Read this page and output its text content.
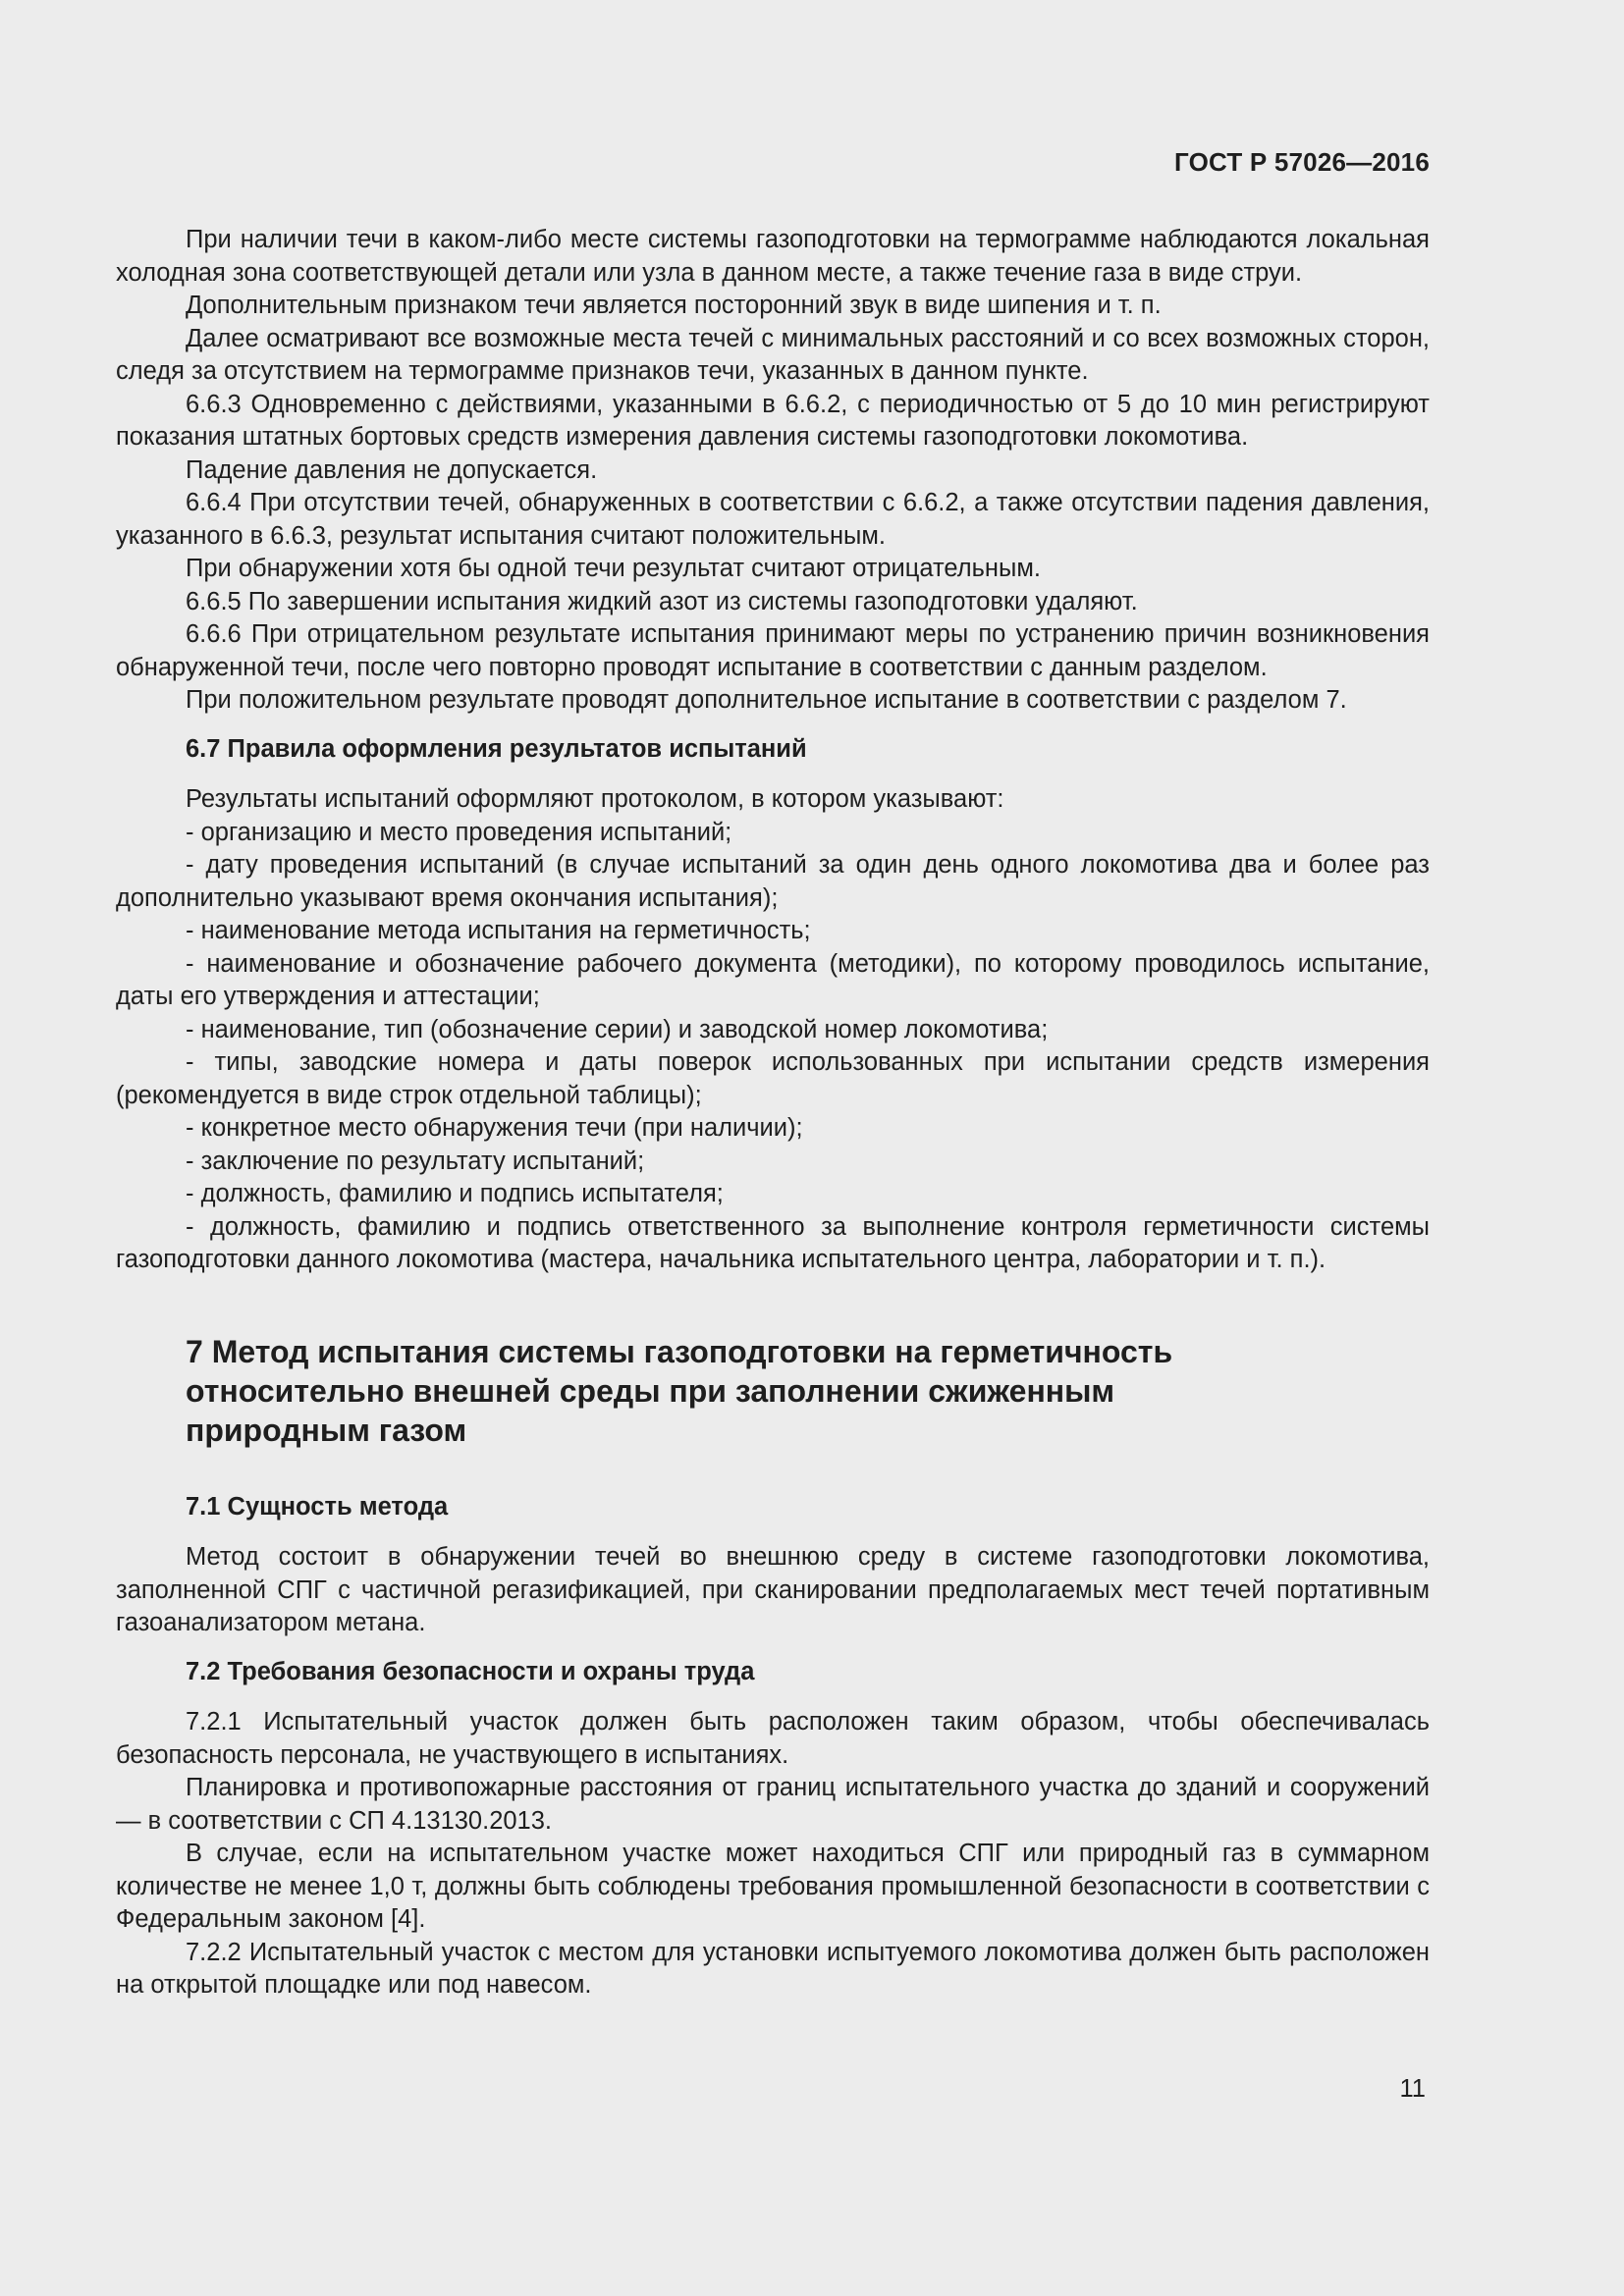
ГОСТ Р 57026—2016

При наличии течи в каком-либо месте системы газоподготовки на термограмме наблюдаются локальная холодная зона соответствующей детали или узла в данном месте, а также течение газа в виде струи.

Дополнительным признаком течи является посторонний звук в виде шипения и т. п.

Далее осматривают все возможные места течей с минимальных расстояний и со всех возможных сторон, следя за отсутствием на термограмме признаков течи, указанных в данном пункте.

6.6.3 Одновременно с действиями, указанными в 6.6.2, с периодичностью от 5 до 10 мин регистрируют показания штатных бортовых средств измерения давления системы газоподготовки локомотива.

Падение давления не допускается.

6.6.4 При отсутствии течей, обнаруженных в соответствии с 6.6.2, а также отсутствии падения давления, указанного в 6.6.3, результат испытания считают положительным.

При обнаружении хотя бы одной течи результат считают отрицательным.

6.6.5 По завершении испытания жидкий азот из системы газоподготовки удаляют.

6.6.6 При отрицательном результате испытания принимают меры по устранению причин возникновения обнаруженной течи, после чего повторно проводят испытание в соответствии с данным разделом.

При положительном результате проводят дополнительное испытание в соответствии с разделом 7.

6.7 Правила оформления результатов испытаний

Результаты испытаний оформляют протоколом, в котором указывают:

- организацию и место проведения испытаний;

- дату проведения испытаний (в случае испытаний за один день одного локомотива два и более раз дополнительно указывают время окончания испытания);

- наименование метода испытания на герметичность;

- наименование и обозначение рабочего документа (методики), по которому проводилось испытание, даты его утверждения и аттестации;

- наименование, тип (обозначение серии) и заводской номер локомотива;

- типы, заводские номера и даты поверок использованных при испытании средств измерения (рекомендуется в виде строк отдельной таблицы);

- конкретное место обнаружения течи (при наличии);

- заключение по результату испытаний;

- должность, фамилию и подпись испытателя;

- должность, фамилию и подпись ответственного за выполнение контроля герметичности системы газоподготовки данного локомотива (мастера, начальника испытательного центра, лаборатории и т. п.).

7 Метод испытания системы газоподготовки на герметичность относительно внешней среды при заполнении сжиженным природным газом
7.1 Сущность метода

Метод состоит в обнаружении течей во внешнюю среду в системе газоподготовки локомотива, заполненной СПГ с частичной регазификацией, при сканировании предполагаемых мест течей портативным газоанализатором метана.

7.2 Требования безопасности и охраны труда

7.2.1 Испытательный участок должен быть расположен таким образом, чтобы обеспечивалась безопасность персонала, не участвующего в испытаниях.

Планировка и противопожарные расстояния от границ испытательного участка до зданий и сооружений — в соответствии с СП 4.13130.2013.

В случае, если на испытательном участке может находиться СПГ или природный газ в суммарном количестве не менее 1,0 т, должны быть соблюдены требования промышленной безопасности в соответствии с Федеральным законом [4].

7.2.2 Испытательный участок с местом для установки испытуемого локомотива должен быть расположен на открытой площадке или под навесом.

11
